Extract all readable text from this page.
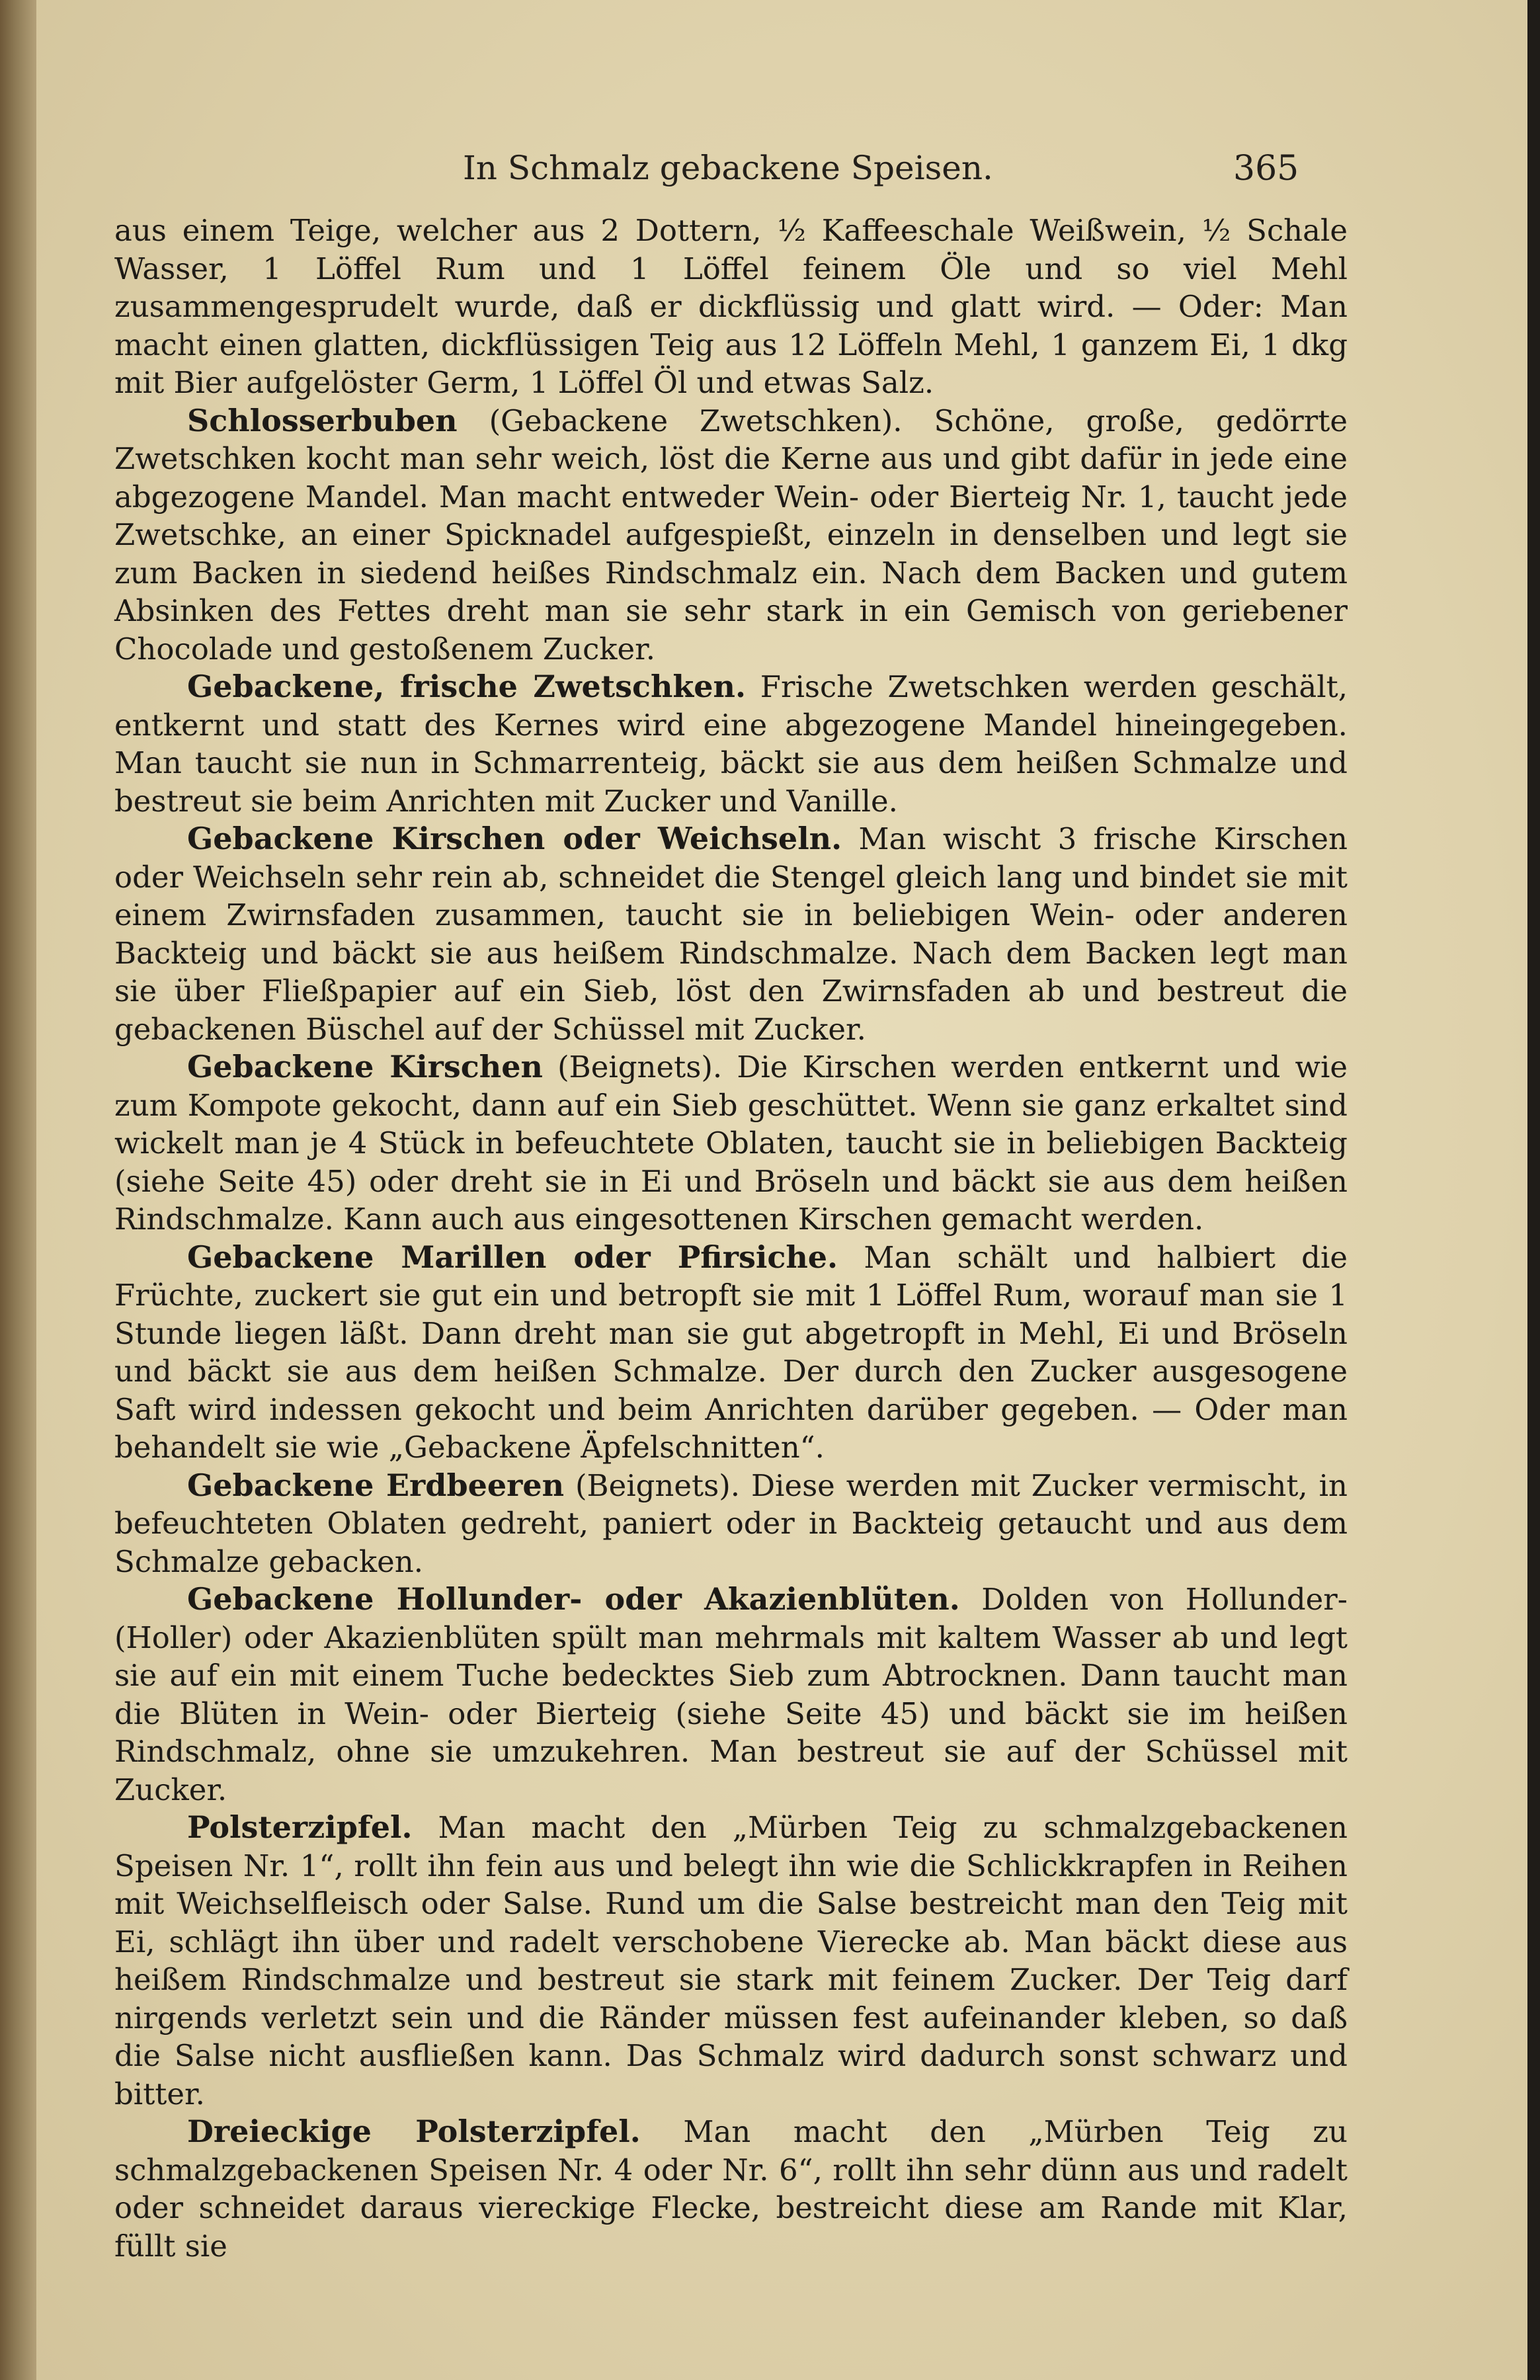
In Schmalz gebackene Speisen.	365

aus einem Teige, welcher aus 2 Dottern, ½ Kaffeeschale Weißwein, ½ Schale Wasser, 1 Löffel Rum und 1 Löffel feinem Öle und so viel Mehl zusammengesprudelt wurde, daß er dickflüssig und glatt wird. — Oder: Man macht einen glatten, dickflüssigen Teig aus 12 Löffeln Mehl, 1 ganzem Ei, 1 dkg mit Bier aufgelöster Germ, 1 Löffel Öl und etwas Salz.

Schlosserbuben (Gebackene Zwetschken). Schöne, große, gedörrte Zwetschken kocht man sehr weich, löst die Kerne aus und gibt dafür in jede eine abgezogene Mandel. Man macht entweder Wein- oder Bierteig Nr. 1, taucht jede Zwetschke, an einer Spicknadel aufgespießt, einzeln in denselben und legt sie zum Backen in siedend heißes Rindschmalz ein. Nach dem Backen und gutem Absinken des Fettes dreht man sie sehr stark in ein Gemisch von geriebener Chocolade und gestoßenem Zucker.

Gebackene, frische Zwetschken. Frische Zwetschken werden geschält, entkernt und statt des Kernes wird eine abgezogene Mandel hineingegeben. Man taucht sie nun in Schmarrenteig, bäckt sie aus dem heißen Schmalze und bestreut sie beim Anrichten mit Zucker und Vanille.

Gebackene Kirschen oder Weichseln. Man wischt 3 frische Kirschen oder Weichseln sehr rein ab, schneidet die Stengel gleich lang und bindet sie mit einem Zwirnsfaden zusammen, taucht sie in beliebigen Wein- oder anderen Backteig und bäckt sie aus heißem Rindschmalze. Nach dem Backen legt man sie über Fließpapier auf ein Sieb, löst den Zwirnsfaden ab und bestreut die gebackenen Büschel auf der Schüssel mit Zucker.

Gebackene Kirschen (Beignets). Die Kirschen werden entkernt und wie zum Kompote gekocht, dann auf ein Sieb geschüttet. Wenn sie ganz erkaltet sind wickelt man je 4 Stück in befeuchtete Oblaten, taucht sie in beliebigen Backteig (siehe Seite 45) oder dreht sie in Ei und Bröseln und bäckt sie aus dem heißen Rindschmalze. Kann auch aus eingesottenen Kirschen gemacht werden.

Gebackene Marillen oder Pfirsiche. Man schält und halbiert die Früchte, zuckert sie gut ein und betropft sie mit 1 Löffel Rum, worauf man sie 1 Stunde liegen läßt. Dann dreht man sie gut abgetropft in Mehl, Ei und Bröseln und bäckt sie aus dem heißen Schmalze. Der durch den Zucker ausgesogene Saft wird indessen gekocht und beim Anrichten darüber gegeben. — Oder man behandelt sie wie „Gebackene Äpfelschnitten“.

Gebackene Erdbeeren (Beignets). Diese werden mit Zucker vermischt, in befeuchteten Oblaten gedreht, paniert oder in Backteig getaucht und aus dem Schmalze gebacken.

Gebackene Hollunder- oder Akazienblüten. Dolden von Hollunder- (Holler) oder Akazienblüten spült man mehrmals mit kaltem Wasser ab und legt sie auf ein mit einem Tuche bedecktes Sieb zum Abtrocknen. Dann taucht man die Blüten in Wein- oder Bierteig (siehe Seite 45) und bäckt sie im heißen Rindschmalz, ohne sie umzukehren. Man bestreut sie auf der Schüssel mit Zucker.

Polsterzipfel. Man macht den „Mürben Teig zu schmalzgebackenen Speisen Nr. 1“, rollt ihn fein aus und belegt ihn wie die Schlickkrapfen in Reihen mit Weichselfleisch oder Salse. Rund um die Salse bestreicht man den Teig mit Ei, schlägt ihn über und radelt verschobene Vierecke ab. Man bäckt diese aus heißem Rindschmalze und bestreut sie stark mit feinem Zucker. Der Teig darf nirgends verletzt sein und die Ränder müssen fest aufeinander kleben, so daß die Salse nicht ausfließen kann. Das Schmalz wird dadurch sonst schwarz und bitter.

Dreieckige Polsterzipfel. Man macht den „Mürben Teig zu schmalzgebackenen Speisen Nr. 4 oder Nr. 6“, rollt ihn sehr dünn aus und radelt oder schneidet daraus viereckige Flecke, bestreicht diese am Rande mit Klar, füllt sie
